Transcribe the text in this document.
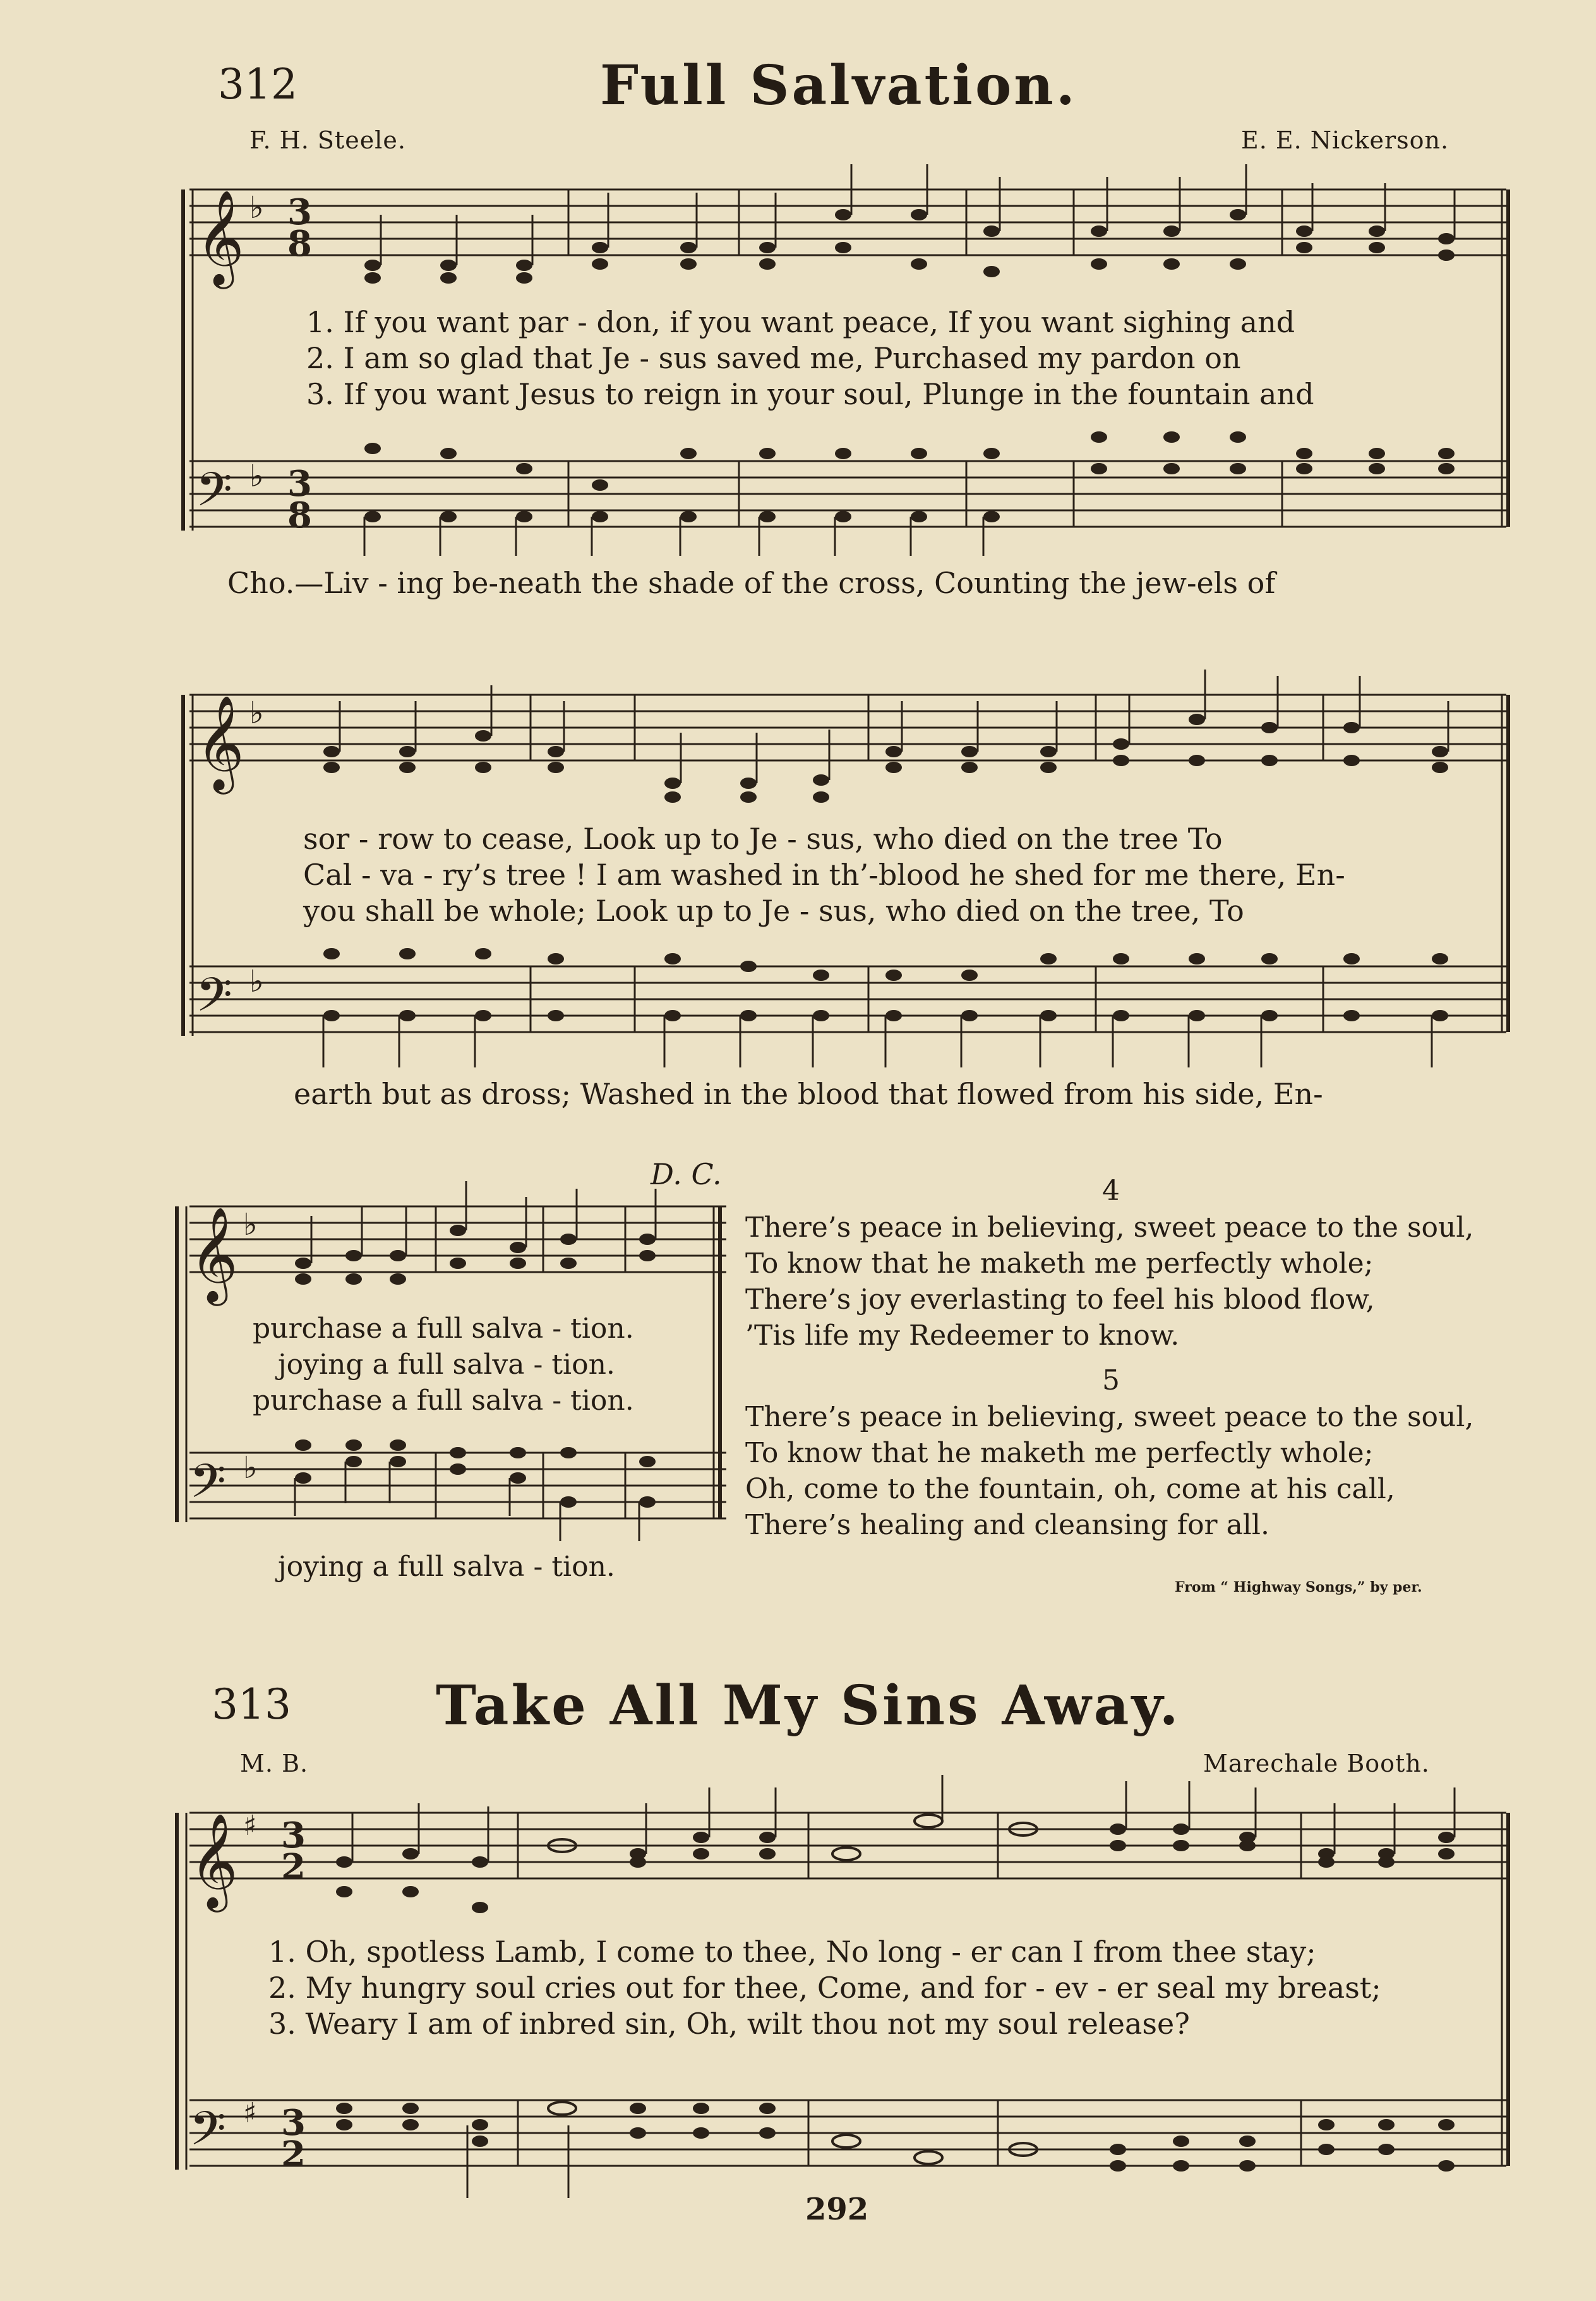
312	Full Salvation.
F. H. Steele.	E. E. Nickerson.
𝄞 ♭ 3
8
𝄢 ♭ 3
8
1. If you want par - don, if you want peace, If you want sighing and
2. I am so glad that Je - sus saved me, Purchased my pardon on
3. If you want Jesus to reign in your soul, Plunge in the fountain and
Cho.—Liv - ing be-neath the shade of the cross, Counting the jew-els of
𝄞 ♭
𝄢 ♭
sor - row to cease, Look up to Je - sus, who died on the tree To
Cal - va - ry’s tree ! I am washed in th’-blood he shed for me there, En-
you shall be whole; Look up to Je - sus, who died on the tree, To
earth but as dross; Washed in the blood that flowed from his side, En-
D. C.
𝄞 ♭
𝄢 ♭
purchase a full salva - tion.
joying a full salva - tion.
purchase a full salva - tion.
joying a full salva - tion.
4
There’s peace in believing, sweet peace to the soul,
To know that he maketh me perfectly whole;
There’s joy everlasting to feel his blood flow,
’Tis life my Redeemer to know.
5
There’s peace in believing, sweet peace to the soul,
To know that he maketh me perfectly whole;
Oh, come to the fountain, oh, come at his call,
There’s healing and cleansing for all.
From “ Highway Songs,” by per.
313	Take All My Sins Away.
M. B.	Marechale Booth.
𝄞 ♯ 3
2
𝄢 ♯ 3
2
1. Oh, spotless Lamb, I come to thee, No long - er can I from thee stay;
2. My hungry soul cries out for thee, Come, and for - ev - er seal my breast;
3. Weary I am of inbred sin, Oh, wilt thou not my soul release?
292
